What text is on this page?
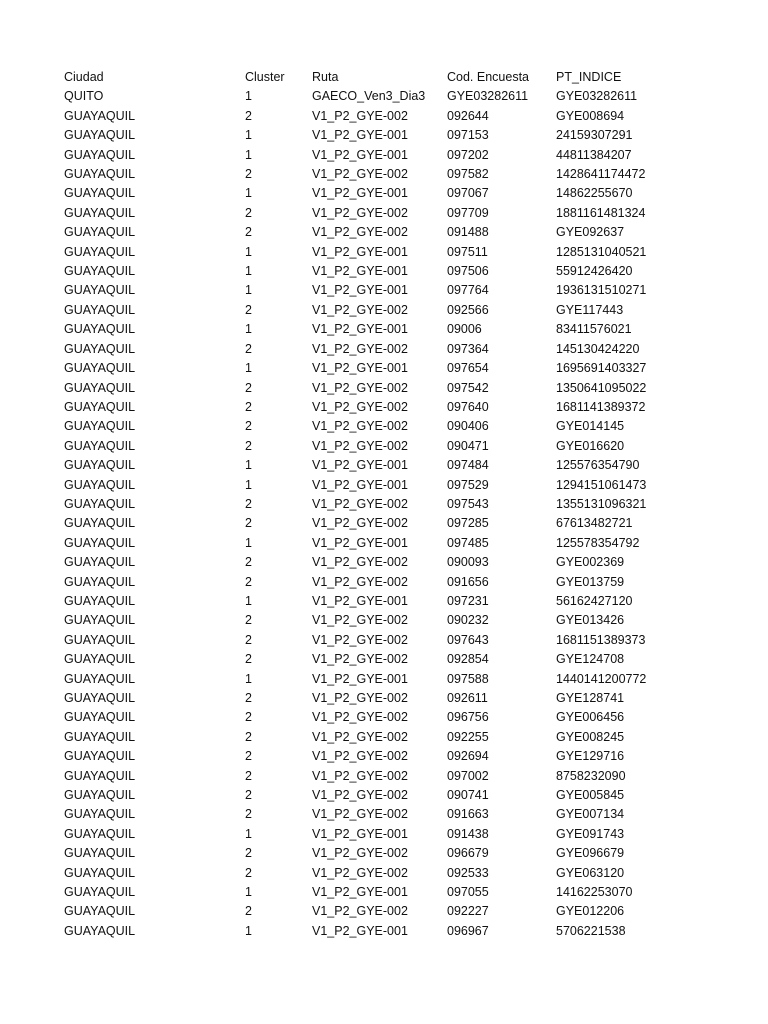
Ciudad	Cluster	Ruta	Cod. Encuesta	PT_INDICE
QUITO	1	GAECO_Ven3_Dia3	GYE03282611	GYE03282611
GUAYAQUIL	2	V1_P2_GYE-002	092644	GYE008694
GUAYAQUIL	1	V1_P2_GYE-001	097153	24159307291
GUAYAQUIL	1	V1_P2_GYE-001	097202	44811384207
GUAYAQUIL	2	V1_P2_GYE-002	097582	1428641174472
GUAYAQUIL	1	V1_P2_GYE-001	097067	14862255670
GUAYAQUIL	2	V1_P2_GYE-002	097709	1881161481324
GUAYAQUIL	2	V1_P2_GYE-002	091488	GYE092637
GUAYAQUIL	1	V1_P2_GYE-001	097511	1285131040521
GUAYAQUIL	1	V1_P2_GYE-001	097506	55912426420
GUAYAQUIL	1	V1_P2_GYE-001	097764	1936131510271
GUAYAQUIL	2	V1_P2_GYE-002	092566	GYE117443
GUAYAQUIL	1	V1_P2_GYE-001	09006	83411576021
GUAYAQUIL	2	V1_P2_GYE-002	097364	145130424220
GUAYAQUIL	1	V1_P2_GYE-001	097654	1695691403327
GUAYAQUIL	2	V1_P2_GYE-002	097542	1350641095022
GUAYAQUIL	2	V1_P2_GYE-002	097640	1681141389372
GUAYAQUIL	2	V1_P2_GYE-002	090406	GYE014145
GUAYAQUIL	2	V1_P2_GYE-002	090471	GYE016620
GUAYAQUIL	1	V1_P2_GYE-001	097484	125576354790
GUAYAQUIL	1	V1_P2_GYE-001	097529	1294151061473
GUAYAQUIL	2	V1_P2_GYE-002	097543	1355131096321
GUAYAQUIL	2	V1_P2_GYE-002	097285	67613482721
GUAYAQUIL	1	V1_P2_GYE-001	097485	125578354792
GUAYAQUIL	2	V1_P2_GYE-002	090093	GYE002369
GUAYAQUIL	2	V1_P2_GYE-002	091656	GYE013759
GUAYAQUIL	1	V1_P2_GYE-001	097231	56162427120
GUAYAQUIL	2	V1_P2_GYE-002	090232	GYE013426
GUAYAQUIL	2	V1_P2_GYE-002	097643	1681151389373
GUAYAQUIL	2	V1_P2_GYE-002	092854	GYE124708
GUAYAQUIL	1	V1_P2_GYE-001	097588	1440141200772
GUAYAQUIL	2	V1_P2_GYE-002	092611	GYE128741
GUAYAQUIL	2	V1_P2_GYE-002	096756	GYE006456
GUAYAQUIL	2	V1_P2_GYE-002	092255	GYE008245
GUAYAQUIL	2	V1_P2_GYE-002	092694	GYE129716
GUAYAQUIL	2	V1_P2_GYE-002	097002	8758232090
GUAYAQUIL	2	V1_P2_GYE-002	090741	GYE005845
GUAYAQUIL	2	V1_P2_GYE-002	091663	GYE007134
GUAYAQUIL	1	V1_P2_GYE-001	091438	GYE091743
GUAYAQUIL	2	V1_P2_GYE-002	096679	GYE096679
GUAYAQUIL	2	V1_P2_GYE-002	092533	GYE063120
GUAYAQUIL	1	V1_P2_GYE-001	097055	14162253070
GUAYAQUIL	2	V1_P2_GYE-002	092227	GYE012206
GUAYAQUIL	1	V1_P2_GYE-001	096967	5706221538
